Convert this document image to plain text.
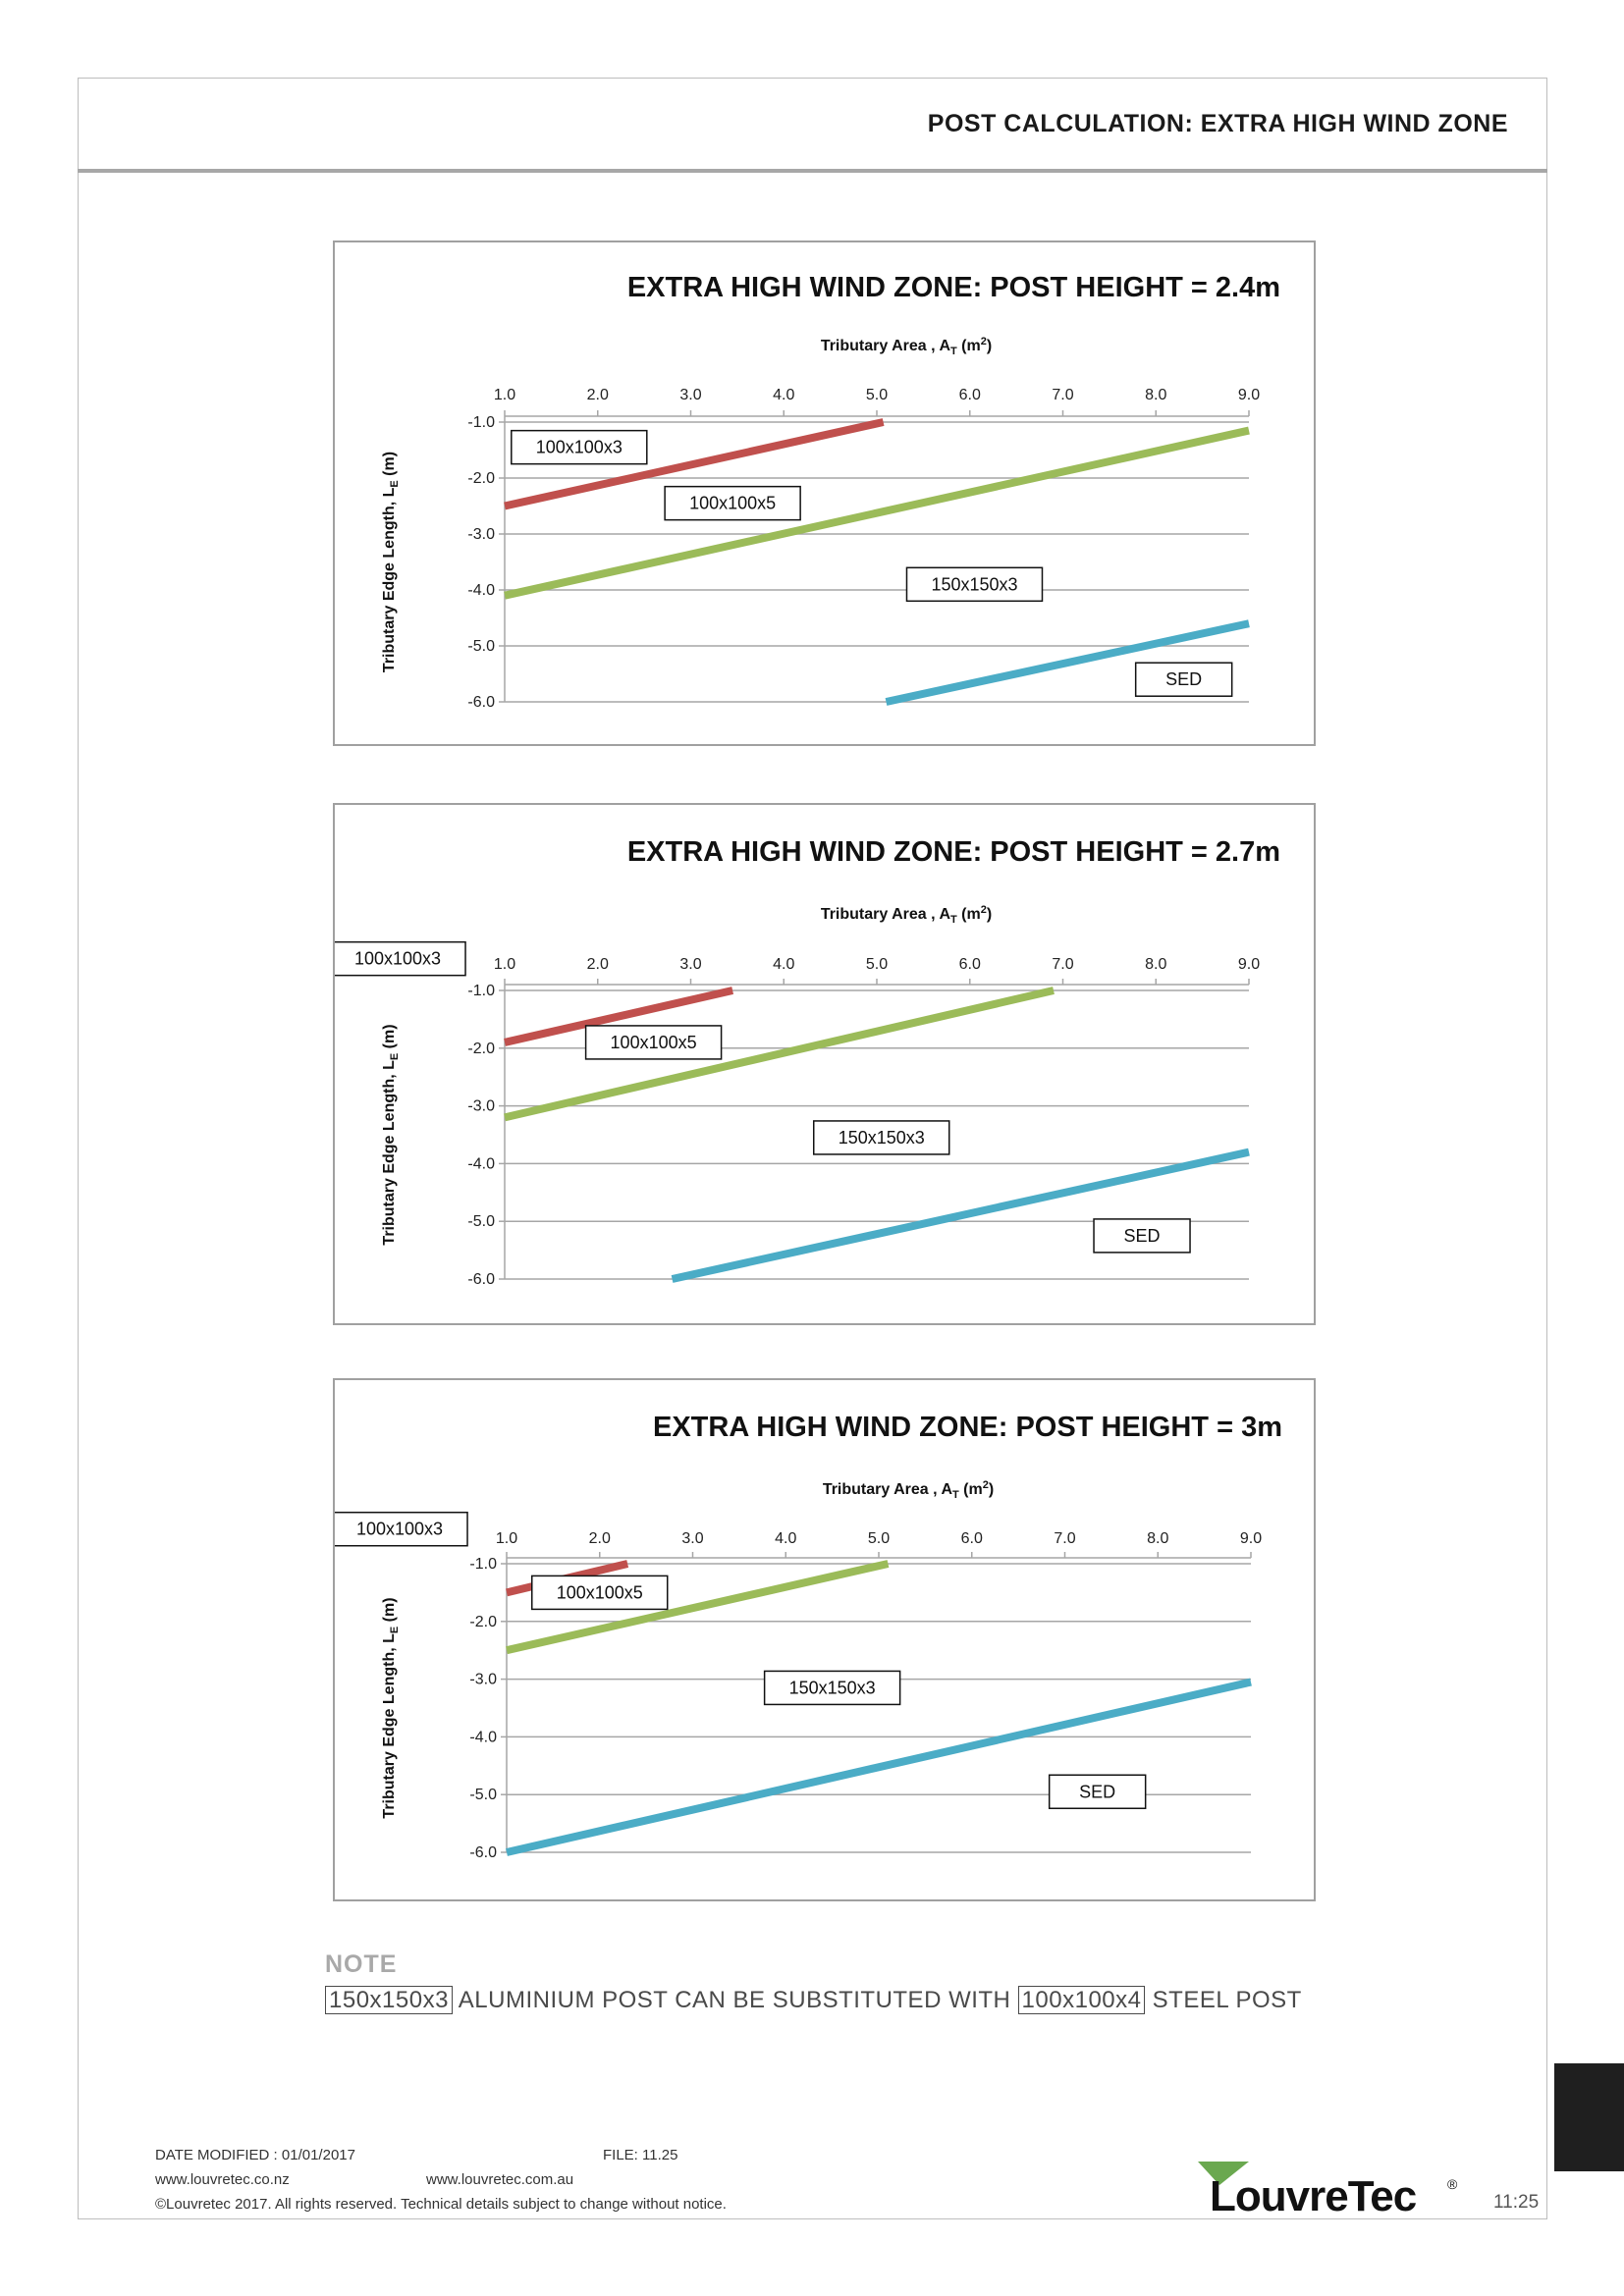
POST CALCULATION: EXTRA HIGH WIND ZONE
EXTRA HIGH WIND ZONE: POST HEIGHT = 2.4m
Tributary Area , $A_T$ $(m^2)$
Tributary Edge Length, $L_E$ (m)
-1.0
-2.0
-3.0
-4.0
-5.0
-6.0
1.0	2.0	3.0	4.0	5.0	6.0	7.0	8.0	9.0
100x100x3
100x100x5
150x150x3
SED
EXTRA HIGH WIND ZONE: POST HEIGHT = 2.7m
Tributary Area , $A_T$ $(m^2)$
Tributary Edge Length, $L_E$ (m)
-1.0
-2.0
-3.0
-4.0
-5.0
-6.0
1.0	2.0	3.0	4.0	5.0	6.0	7.0	8.0	9.0
100x100x3
100x100x5
150x150x3
SED
EXTRA HIGH WIND ZONE: POST HEIGHT = 3m
Tributary Area , $A_T$ $(m^2)$
Tributary Edge Length, $L_E$ (m)
-1.0
-2.0
-3.0
-4.0
-5.0
-6.0
1.0	2.0	3.0	4.0	5.0	6.0	7.0	8.0	9.0
100x100x3
100x100x5
150x150x3
SED
NOTE
150x150x3 ALUMINIUM POST CAN BE SUBSTITUTED WITH 100x100x4 STEEL POST
DATE MODIFIED : 01/01/2017	FILE: 11.25
www.louvretec.co.nz	www.louvretec.com.au
©Louvretec 2017. All rights reserved. Technical details subject to change without notice.	LouvreTec ®
11:25
